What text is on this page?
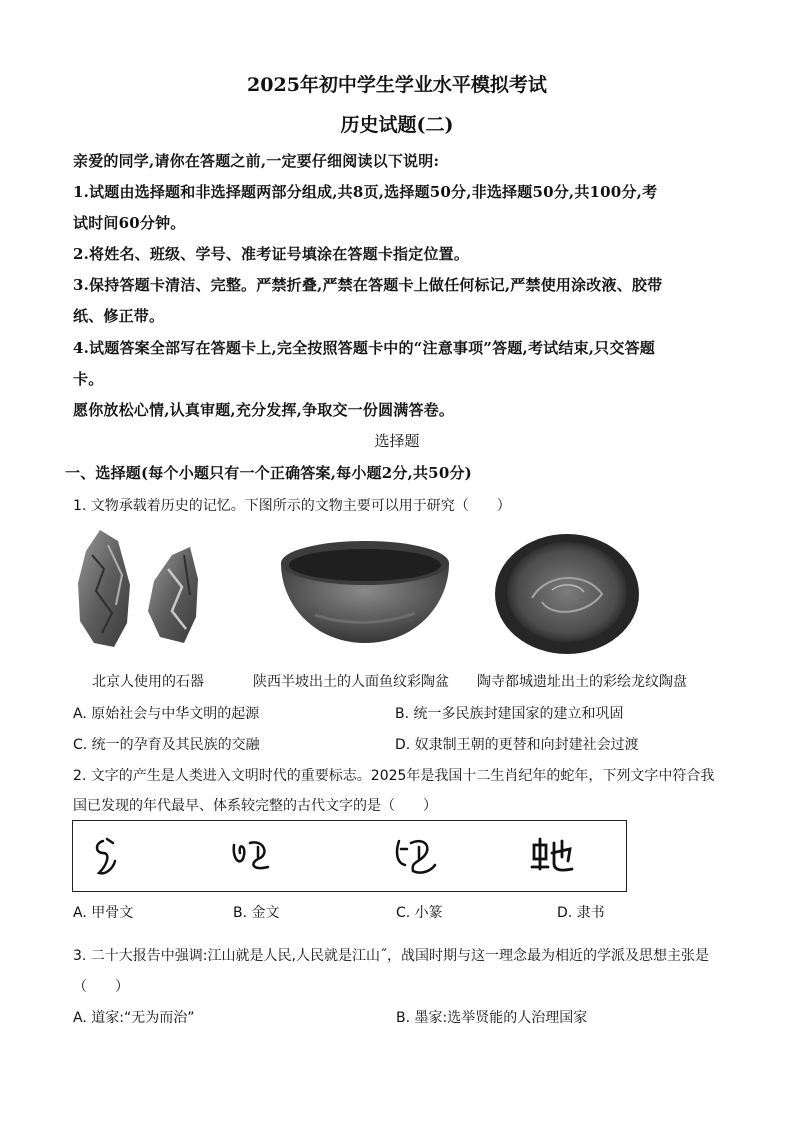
2025年初中学生学业水平模拟考试
历史试题(二)
亲爱的同学,请你在答题之前,一定要仔细阅读以下说明:
1.试题由选择题和非选择题两部分组成,共8页,选择题50分,非选择题50分,共100分,考
试时间60分钟。
2.将姓名、班级、学号、准考证号填涂在答题卡指定位置。
3.保持答题卡清洁、完整。严禁折叠,严禁在答题卡上做任何标记,严禁使用涂改液、胶带
纸、修正带。
4.试题答案全部写在答题卡上,完全按照答题卡中的“注意事项”答题,考试结束,只交答题
卡。
愿你放松心情,认真审题,充分发挥,争取交一份圆满答卷。
选择题
一、选择题(每个小题只有一个正确答案,每小题2分,共50分)
1. 文物承载着历史的记忆。下图所示的文物主要可以用于研究（　　）
北京人使用的石器	陕西半坡出土的人面鱼纹彩陶盆 陶寺都城遗址出土的彩绘龙纹陶盘
A. 原始社会与中华文明的起源	B. 统一多民族封建国家的建立和巩固
C. 统一的孕育及其民族的交融	D. 奴隶制王朝的更替和向封建社会过渡
2. 文字的产生是人类进入文明时代的重要标志。2025年是我国十二生肖纪年的蛇年，下列文字中符合我
国已发现的年代最早、体系较完整的古代文字的是（　　）
A. 甲骨文	B. 金文	C. 小篆	D. 隶书
3. 二十大报告中强调:江山就是人民,人民就是江山˝，战国时期与这一理念最为相近的学派及思想主张是
（　　）
A. 道家:“无为而治”	B. 墨家:选举贤能的人治理国家
